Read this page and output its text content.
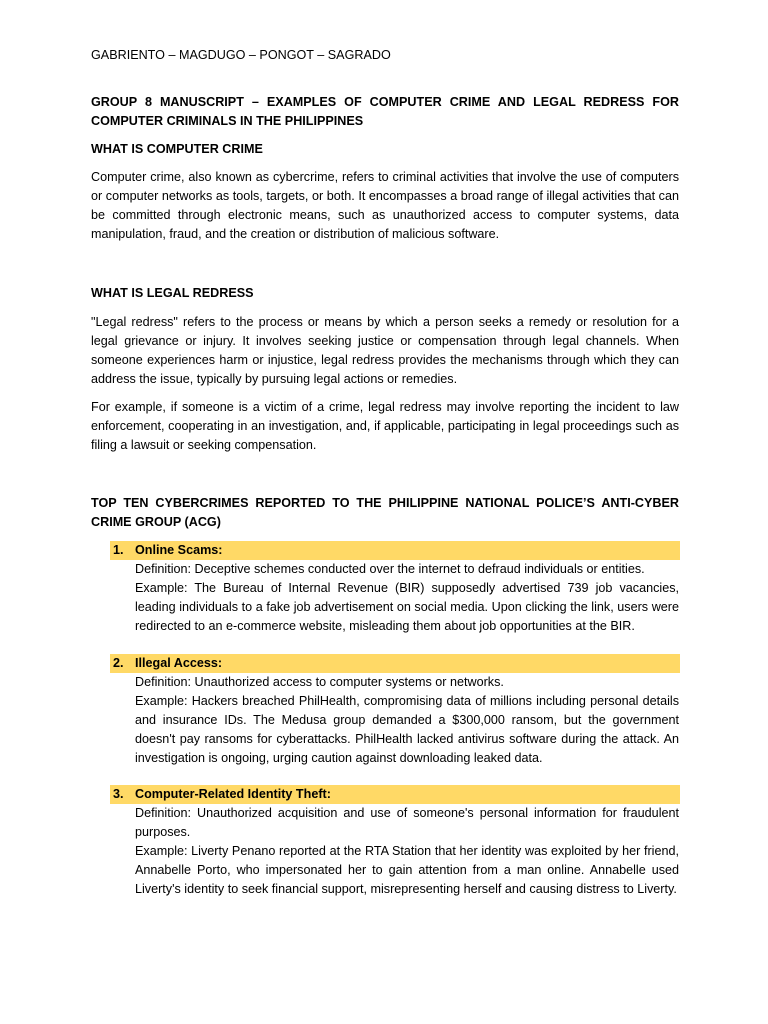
GABRIENTO – MAGDUGO – PONGOT – SAGRADO
GROUP 8 MANUSCRIPT – EXAMPLES OF COMPUTER CRIME AND LEGAL REDRESS FOR COMPUTER CRIMINALS IN THE PHILIPPINES
WHAT IS COMPUTER CRIME
Computer crime, also known as cybercrime, refers to criminal activities that involve the use of computers or computer networks as tools, targets, or both. It encompasses a broad range of illegal activities that can be committed through electronic means, such as unauthorized access to computer systems, data manipulation, fraud, and the creation or distribution of malicious software.
WHAT IS LEGAL REDRESS
"Legal redress" refers to the process or means by which a person seeks a remedy or resolution for a legal grievance or injury. It involves seeking justice or compensation through legal channels. When someone experiences harm or injustice, legal redress provides the mechanisms through which they can address the issue, typically by pursuing legal actions or remedies.
For example, if someone is a victim of a crime, legal redress may involve reporting the incident to law enforcement, cooperating in an investigation, and, if applicable, participating in legal proceedings such as filing a lawsuit or seeking compensation.
TOP TEN CYBERCRIMES REPORTED TO THE PHILIPPINE NATIONAL POLICE’S ANTI-CYBER CRIME GROUP (ACG)
1. Online Scams:
Definition: Deceptive schemes conducted over the internet to defraud individuals or entities.
Example: The Bureau of Internal Revenue (BIR) supposedly advertised 739 job vacancies, leading individuals to a fake job advertisement on social media. Upon clicking the link, users were redirected to an e-commerce website, misleading them about job opportunities at the BIR.
2. Illegal Access:
Definition: Unauthorized access to computer systems or networks.
Example: Hackers breached PhilHealth, compromising data of millions including personal details and insurance IDs. The Medusa group demanded a $300,000 ransom, but the government doesn't pay ransoms for cyberattacks. PhilHealth lacked antivirus software during the attack. An investigation is ongoing, urging caution against downloading leaked data.
3. Computer-Related Identity Theft:
Definition: Unauthorized acquisition and use of someone's personal information for fraudulent purposes.
Example: Liverty Penano reported at the RTA Station that her identity was exploited by her friend, Annabelle Porto, who impersonated her to gain attention from a man online. Annabelle used Liverty's identity to seek financial support, misrepresenting herself and causing distress to Liverty.
